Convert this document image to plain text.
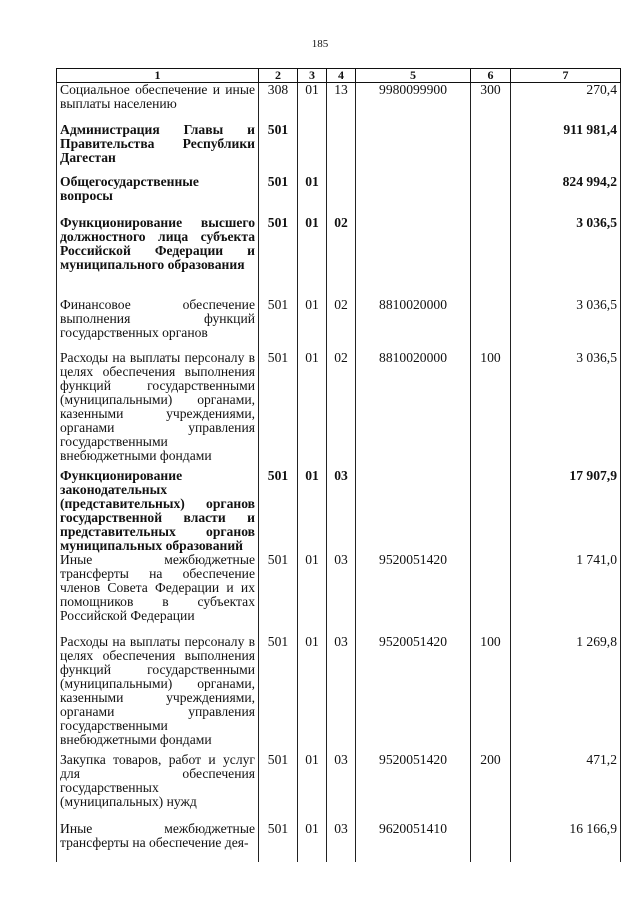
185
1	2	3	4	5	6	7
Социальное обеспечение и иные выплаты населению	308	01	13	9980099900	300	270,4
Администрация Главы и Правительства Республики Дагестан	501					911 981,4
Общегосударственные вопросы	501	01				824 994,2
Функционирование высшего должностного лица субъекта Российской Федерации и муниципального образования	501	01	02			3 036,5
Финансовое обеспечение выполнения функций государственных органов	501	01	02	8810020000		3 036,5
Расходы на выплаты персоналу в целях обеспечения выполнения функций государственными (муниципальными) органами, казенными учреждениями, органами управления государственными внебюджетными фондами	501	01	02	8810020000	100	3 036,5
Функционирование законодательных (представительных) органов государственной власти и представительных органов муниципальных образований	501	01	03			17 907,9
Иные межбюджетные трансферты на обеспечение членов Совета Федерации и их помощников в субъектах Российской Федерации	501	01	03	9520051420		1 741,0
Расходы на выплаты персоналу в целях обеспечения выполнения функций государственными (муниципальными) органами, казенными учреждениями, органами управления государственными внебюджетными фондами	501	01	03	9520051420	100	1 269,8
Закупка товаров, работ и услуг для обеспечения государственных (муниципальных) нужд	501	01	03	9520051420	200	471,2
Иные межбюджетные трансферты на обеспечение дея-	501	01	03	9620051410		16 166,9
